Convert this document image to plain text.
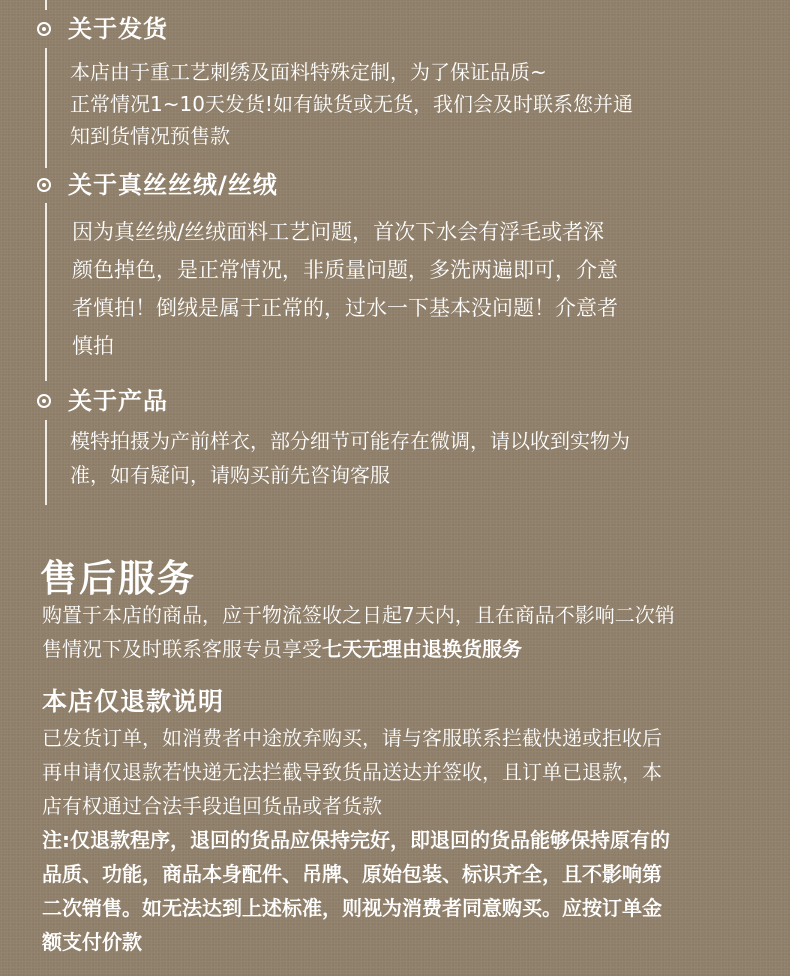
关于发货
本店由于重工艺刺绣及面料特殊定制，为了保证品质~
正常情况1~10天发货!如有缺货或无货，我们会及时联系您并通
知到货情况预售款
关于真丝丝绒/丝绒
因为真丝绒/丝绒面料工艺问题，首次下水会有浮毛或者深
颜色掉色，是正常情况，非质量问题，多洗两遍即可，介意
者慎拍！倒绒是属于正常的，过水一下基本没问题！介意者
慎拍
关于产品
模特拍摄为产前样衣，部分细节可能存在微调，请以收到实物为
准，如有疑问，请购买前先咨询客服
售后服务
购置于本店的商品，应于物流签收之日起7天内，且在商品不影响二次销
售情况下及时联系客服专员享受七天无理由退换货服务
本店仅退款说明
已发货订单，如消费者中途放弃购买，请与客服联系拦截快递或拒收后
再申请仅退款若快递无法拦截导致货品送达并签收，且订单已退款，本
店有权通过合法手段追回货品或者货款
注:仅退款程序，退回的货品应保持完好，即退回的货品能够保持原有的
品质、功能，商品本身配件、吊牌、原始包装、标识齐全，且不影响第
二次销售。如无法达到上述标准，则视为消费者同意购买。应按订单金
额支付价款
